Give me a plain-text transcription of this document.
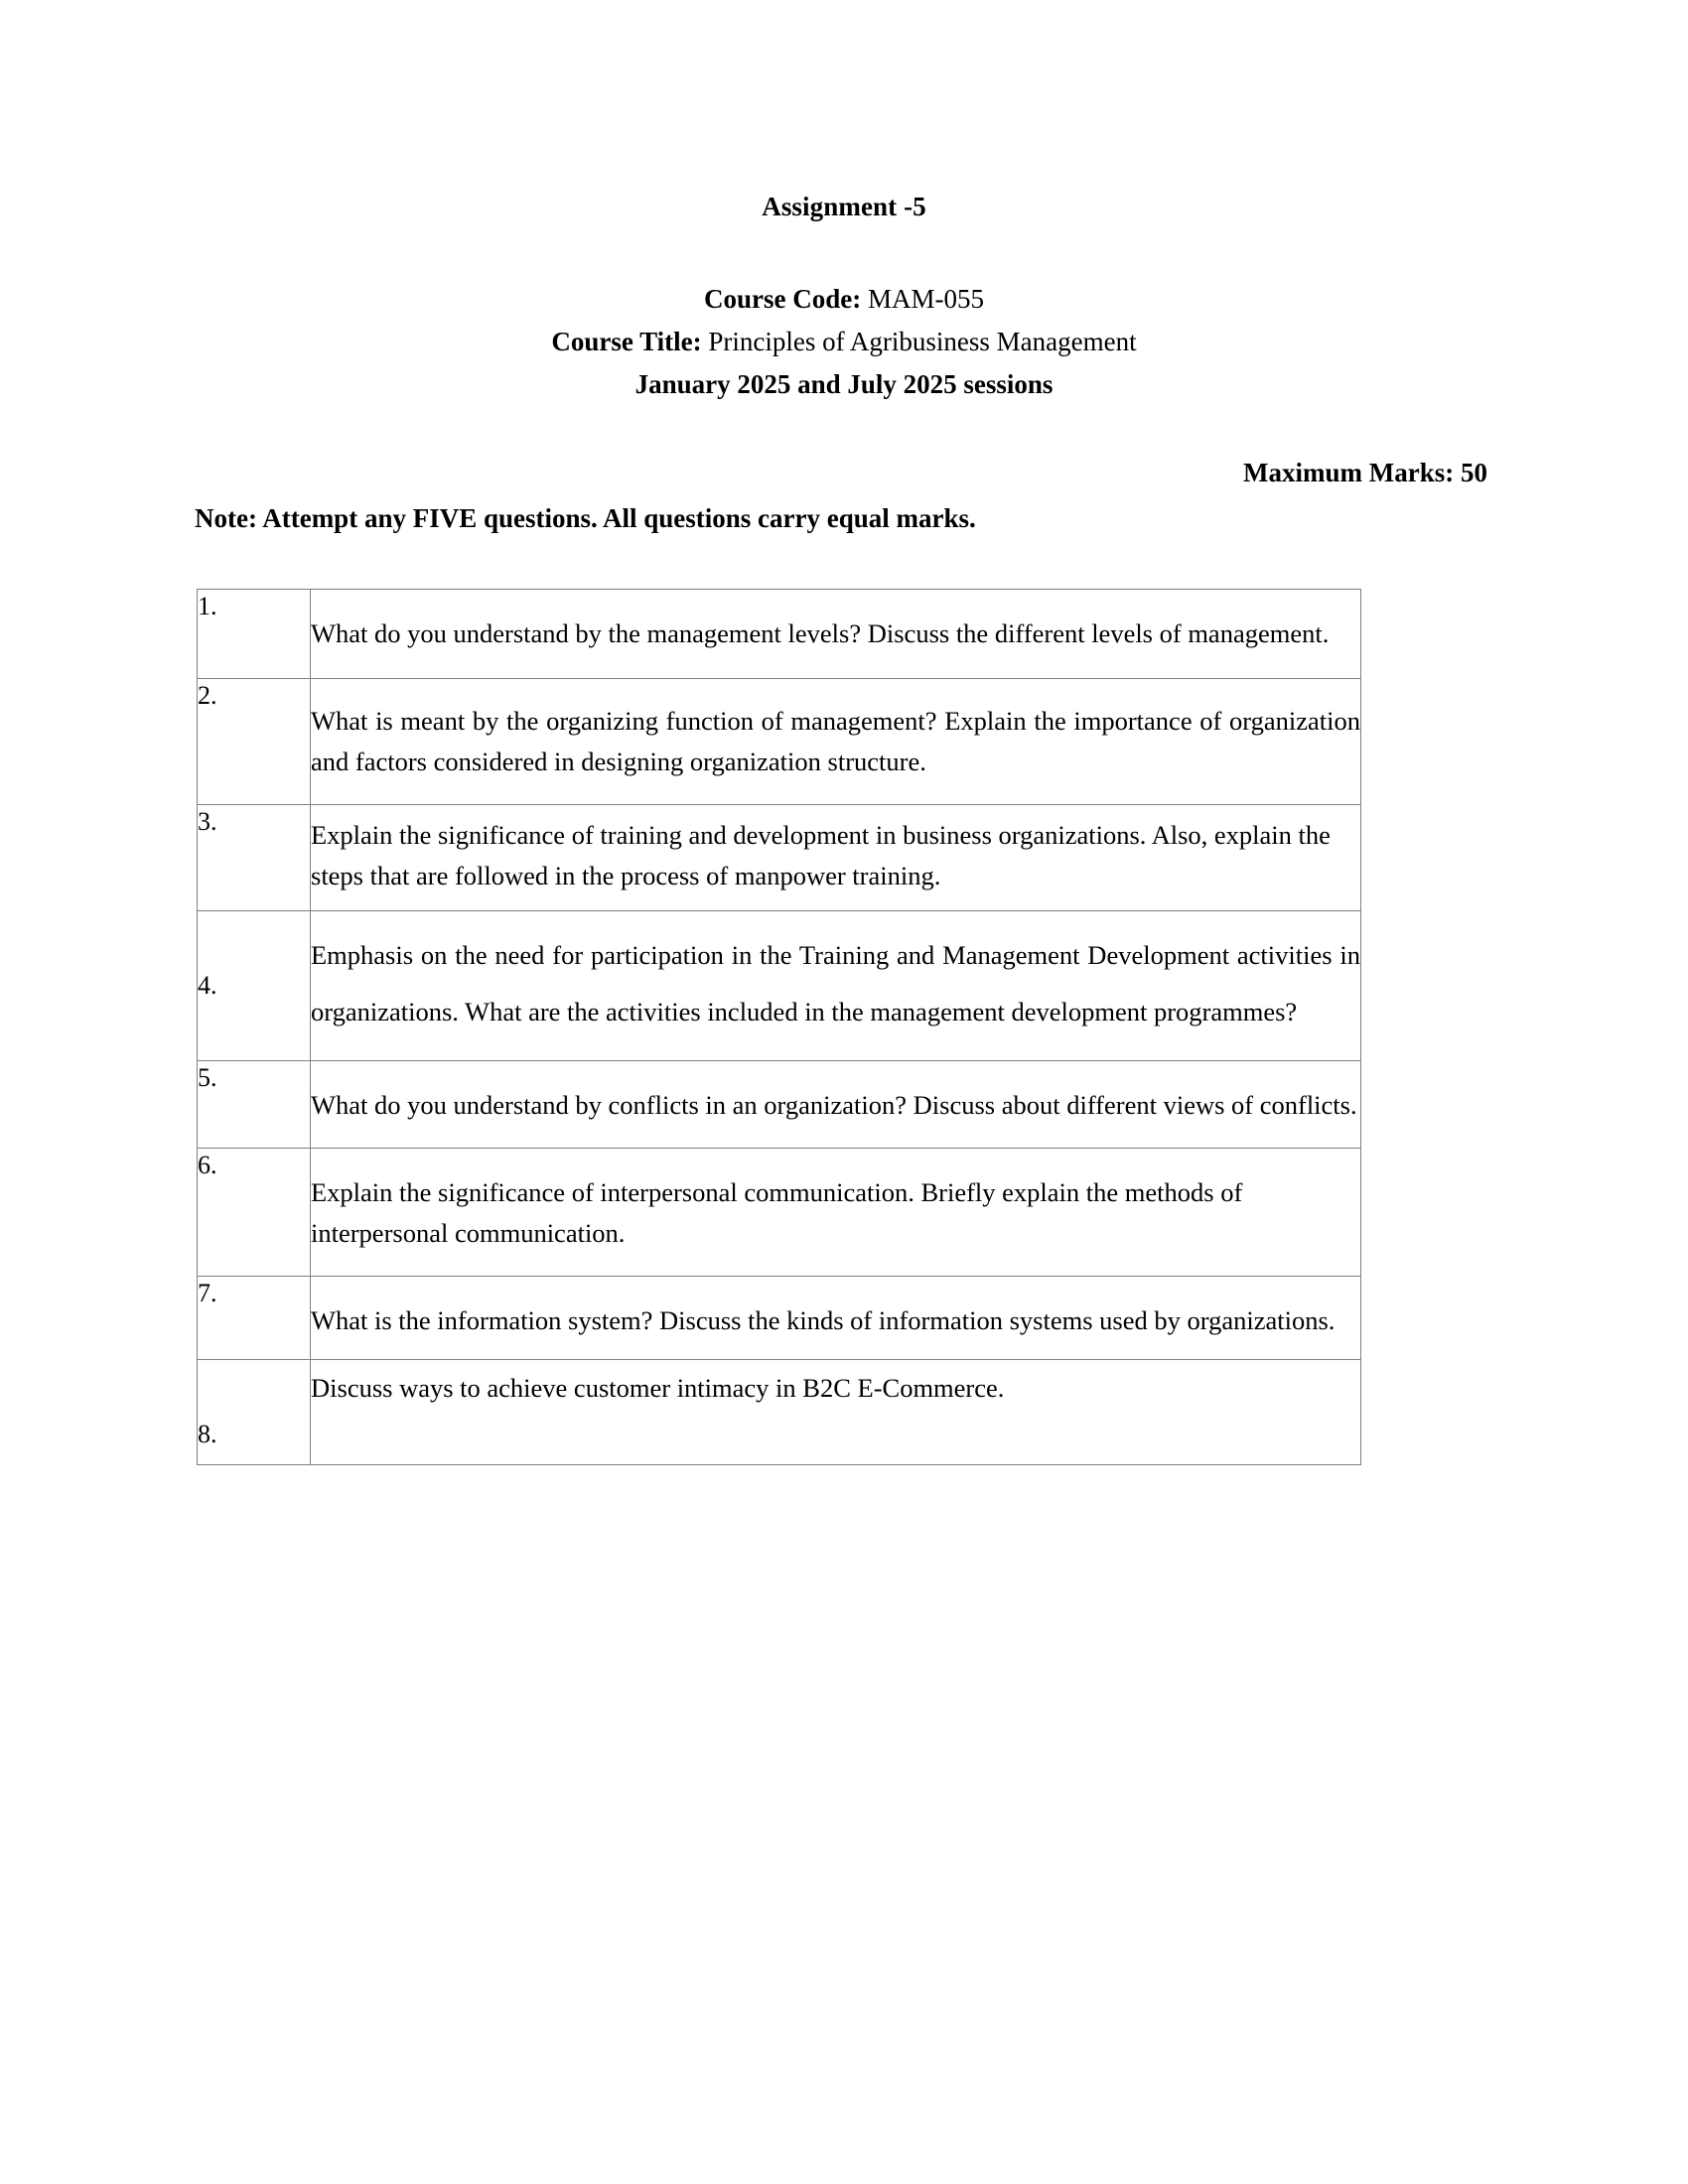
Assignment -5
Course Code: MAM-055
Course Title: Principles of Agribusiness Management
January 2025 and July 2025 sessions
Maximum Marks: 50
Note: Attempt any FIVE questions. All questions carry equal marks.
1.	What do you understand by the management levels? Discuss the different levels of management.
2.	What is meant by the organizing function of management? Explain the importance of organization and factors considered in designing organization structure.
3.	Explain the significance of training and development in business organizations. Also, explain the steps that are followed in the process of manpower training.
4.	Emphasis on the need for participation in the Training and Management Development activities in organizations. What are the activities included in the management development programmes?
5.	What do you understand by conflicts in an organization? Discuss about different views of conflicts.
6.	Explain the significance of interpersonal communication. Briefly explain the methods of interpersonal communication.
7.	What is the information system? Discuss the kinds of information systems used by organizations.
8.	Discuss ways to achieve customer intimacy in B2C E-Commerce.
